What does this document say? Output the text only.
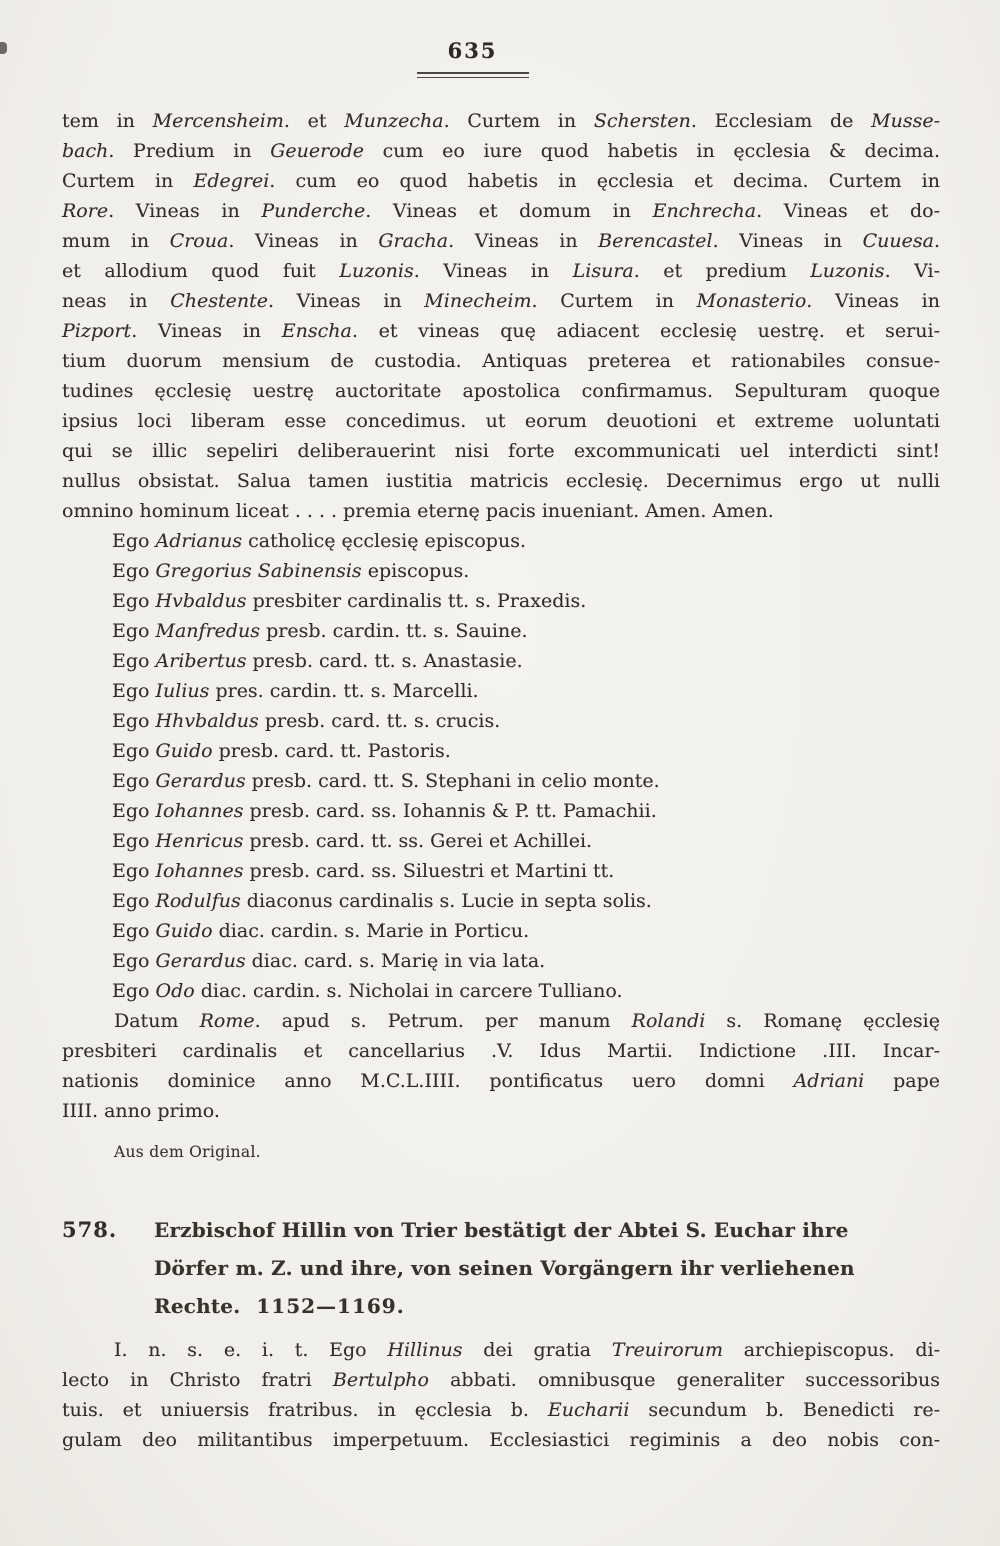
635
tem in Mercensheim. et Munzecha. Curtem in Schersten. Ecclesiam de Musse-
bach. Predium in Geuerode cum eo iure quod habetis in ęcclesia & decima.
Curtem in Edegrei. cum eo quod habetis in ęcclesia et decima. Curtem in
Rore. Vineas in Punderche. Vineas et domum in Enchrecha. Vineas et do-
mum in Croua. Vineas in Gracha. Vineas in Berencastel. Vineas in Cuuesa.
et allodium quod fuit Luzonis. Vineas in Lisura. et predium Luzonis. Vi-
neas in Chestente. Vineas in Minecheim. Curtem in Monasterio. Vineas in
Pizport. Vineas in Enscha. et vineas quę adiacent ecclesię uestrę. et serui-
tium duorum mensium de custodia. Antiquas preterea et rationabiles consue-
tudines ęcclesię uestrę auctoritate apostolica confirmamus. Sepulturam quoque
ipsius loci liberam esse concedimus. ut eorum deuotioni et extreme uoluntati
qui se illic sepeliri deliberauerint nisi forte excommunicati uel interdicti sint!
nullus obsistat. Salua tamen iustitia matricis ecclesię. Decernimus ergo ut nulli
omnino hominum liceat . . . . premia eternę pacis inueniant. Amen. Amen.
Ego Adrianus catholicę ęcclesię episcopus.
Ego Gregorius Sabinensis episcopus.
Ego Hvbaldus presbiter cardinalis tt. s. Praxedis.
Ego Manfredus presb. cardin. tt. s. Sauine.
Ego Aribertus presb. card. tt. s. Anastasie.
Ego Iulius pres. cardin. tt. s. Marcelli.
Ego Hhvbaldus presb. card. tt. s. crucis.
Ego Guido presb. card. tt. Pastoris.
Ego Gerardus presb. card. tt. S. Stephani in celio monte.
Ego Iohannes presb. card. ss. Iohannis & P. tt. Pamachii.
Ego Henricus presb. card. tt. ss. Gerei et Achillei.
Ego Iohannes presb. card. ss. Siluestri et Martini tt.
Ego Rodulfus diaconus cardinalis s. Lucie in septa solis.
Ego Guido diac. cardin. s. Marie in Porticu.
Ego Gerardus diac. card. s. Marię in via lata.
Ego Odo diac. cardin. s. Nicholai in carcere Tulliano.
Datum Rome. apud s. Petrum. per manum Rolandi s. Romanę ęcclesię
presbiteri cardinalis et cancellarius .V. Idus Martii. Indictione .III. Incar-
nationis dominice anno M.C.L.IIII. pontificatus uero domni Adriani pape
IIII. anno primo.
Aus dem Original.
578.	Erzbischof Hillin von Trier bestätigt der Abtei S. Euchar ihre
Dörfer m. Z. und ihre, von seinen Vorgängern ihr verliehenen
Rechte. 1152—1169.
I. n. s. e. i. t. Ego Hillinus dei gratia Treuirorum archiepiscopus. di-
lecto in Christo fratri Bertulpho abbati. omnibusque generaliter successoribus
tuis. et uniuersis fratribus. in ęcclesia b. Eucharii secundum b. Benedicti re-
gulam deo militantibus imperpetuum. Ecclesiastici regiminis a deo nobis con-
